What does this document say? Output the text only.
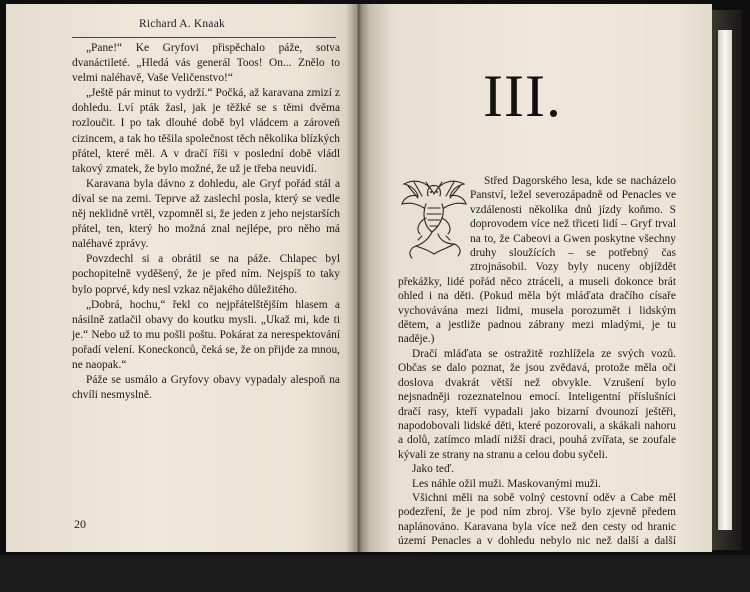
Richard A. Knaak

„Pane!“ Ke Gryfovi přispěchalo páže, sotva dvanáctileté. „Hledá vás generál Toos! On... Znělo to velmi naléhavě, Vaše Veličenstvo!“

„Ještě pár minut to vydrží.“ Počká, až karavana zmizí z dohledu. Lví pták žasl, jak je těžké se s těmi dvěma rozloučit. I po tak dlouhé době byl vládcem a zároveň cizincem, a tak ho těšila společnost těch několika blízkých přátel, které měl. A v dračí říši v poslední době vládl takový zmatek, že bylo možné, že už je třeba neuvidí.

Karavana byla dávno z dohledu, ale Gryf pořád stál a díval se na zemi. Teprve až zaslechl posla, který se vedle něj neklidně vrtěl, vzpomněl si, že jeden z jeho nejstarších přátel, ten, který ho možná znal nejlépe, pro něho má naléhavé zprávy.

Povzdechl si a obrátil se na páže. Chlapec byl pochopitelně vyděšený, že je před ním. Nejspíš to taky bylo poprvé, kdy nesl vzkaz nějakého důležitého.

„Dobrá, hochu,“ řekl co nejpřátelštějším hlasem a násilně zatlačil obavy do koutku mysli. „Ukaž mi, kde ti je.“ Nebo už to mu pošli poštu. Pokárat za nerespektování pořadí velení. Koneckonců, čeká se, že on přijde za mnou, ne naopak.“

Páže se usmálo a Gryfovy obavy vypadaly alespoň na chvíli nesmyslně.

20
III.

Střed Dagorského lesa, kde se nacházelo Panství, ležel severozápadně od Penacles ve vzdálenosti několika dnů jízdy koňmo. S doprovodem více než třiceti lidí – Gryf trval na to, že Cabeovi a Gwen poskytne všechny druhy sloužících – se potřebný čas ztrojnásobil. Vozy byly nuceny objíždět překážky, lidé pořád něco ztráceli, a museli dokonce brát ohled i na děti. (Pokud měla být mláďata dračího císaře vychovávána mezi lidmi, musela porozumět i lidským dětem, a jestliže padnou zábrany mezi mladými, je tu naděje.)

Dračí mláďata se ostražitě rozhlížela ze svých vozů. Občas se dalo poznat, že jsou zvědavá, protože měla oči doslova dvakrát větší než obvykle. Vzrušení bylo nejsnadněji rozeznatelnou emocí. Inteligentní příslušníci dračí rasy, kteří vypadali jako bizarní dvounozí ještěři, napodobovali lidské děti, které pozorovali, a skákali nahoru a dolů, zatímco mladí nižší draci, pouhá zvířata, se zoufale kývali ze strany na stranu a celou dobu syčeli.

Jako teď.

Les náhle ožil muži. Maskovanými muži.

Všichni měli na sobě volný cestovní oděv a Cabe měl podezření, že je pod ním zbroj. Vše bylo zjevně předem naplánováno. Karavana byla více než den cesty od hranic území Penacles a v dohledu nebylo nic než další a další stromy.

„Hlupáci!“ zasykla Gwen. „Zelený drak rozhodně nebude tolerovat takovýhle útok na vlastním území!“
